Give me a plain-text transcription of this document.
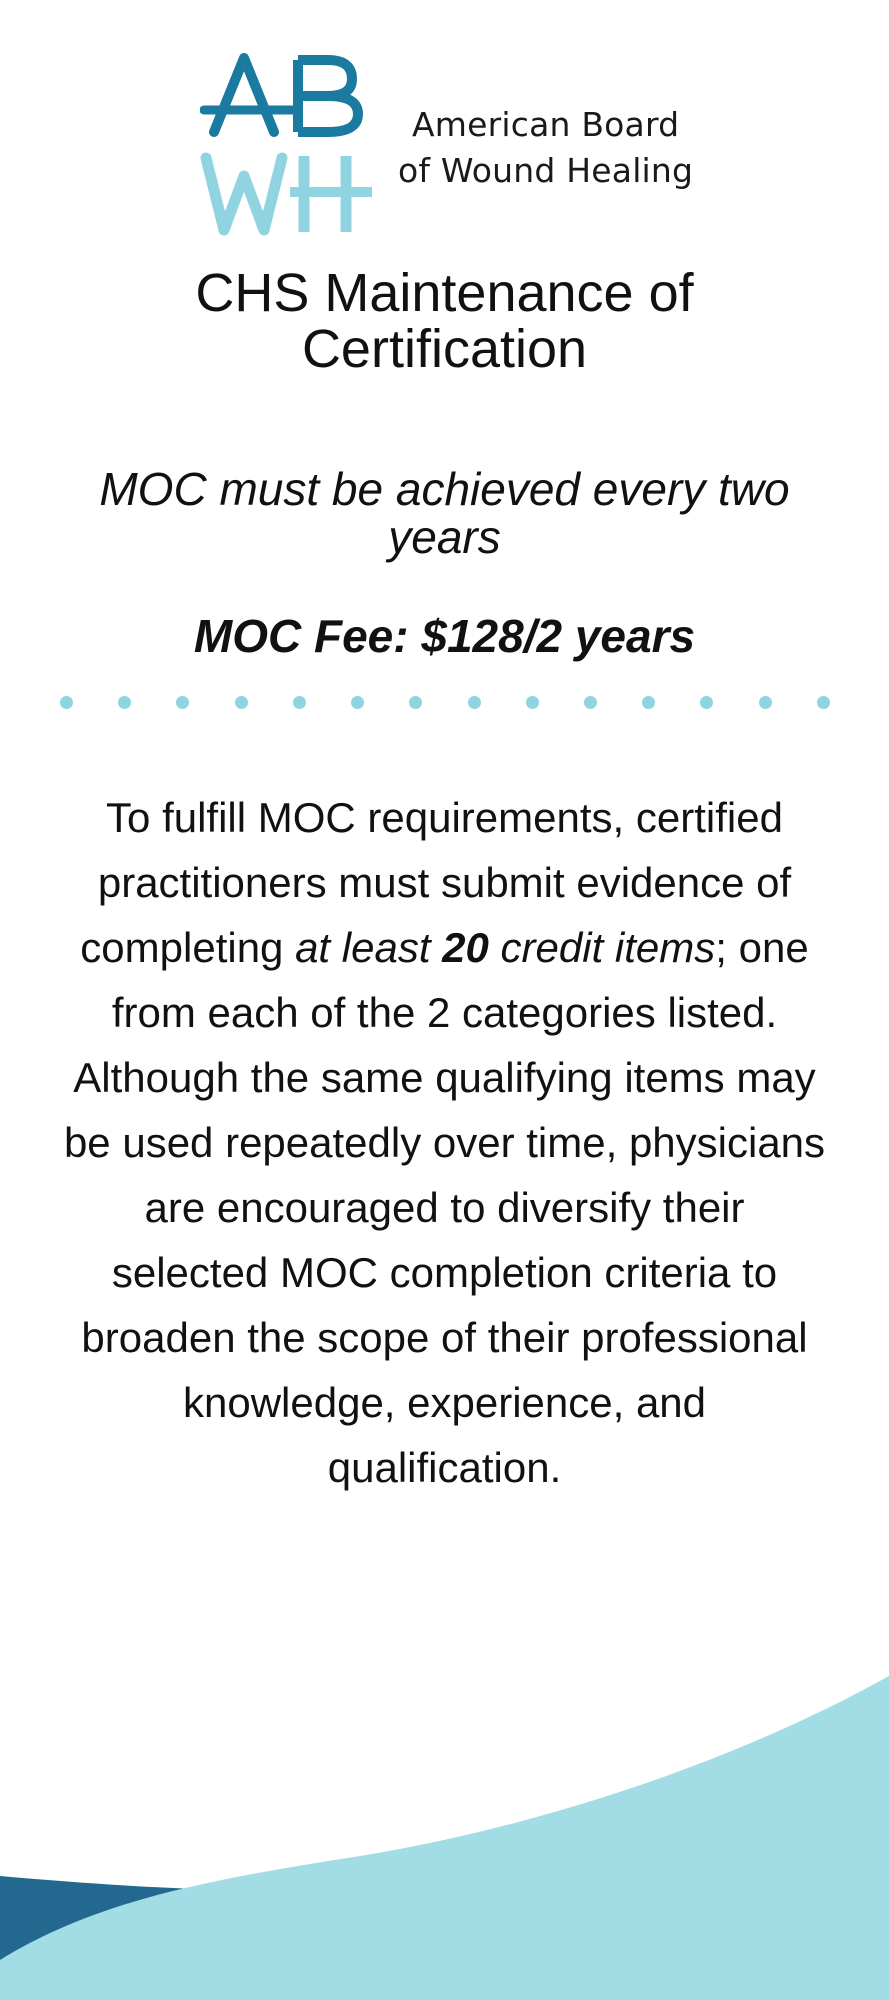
American Board
of Wound Healing
CHS Maintenance of
Certification
MOC must be achieved every two
years
MOC Fee: $128/2 years
To fulfill MOC requirements, certified
practitioners must submit evidence of
completing at least 20 credit items; one
from each of the 2 categories listed.
Although the same qualifying items may
be used repeatedly over time, physicians
are encouraged to diversify their
selected MOC completion criteria to
broaden the scope of their professional
knowledge, experience, and
qualification.
